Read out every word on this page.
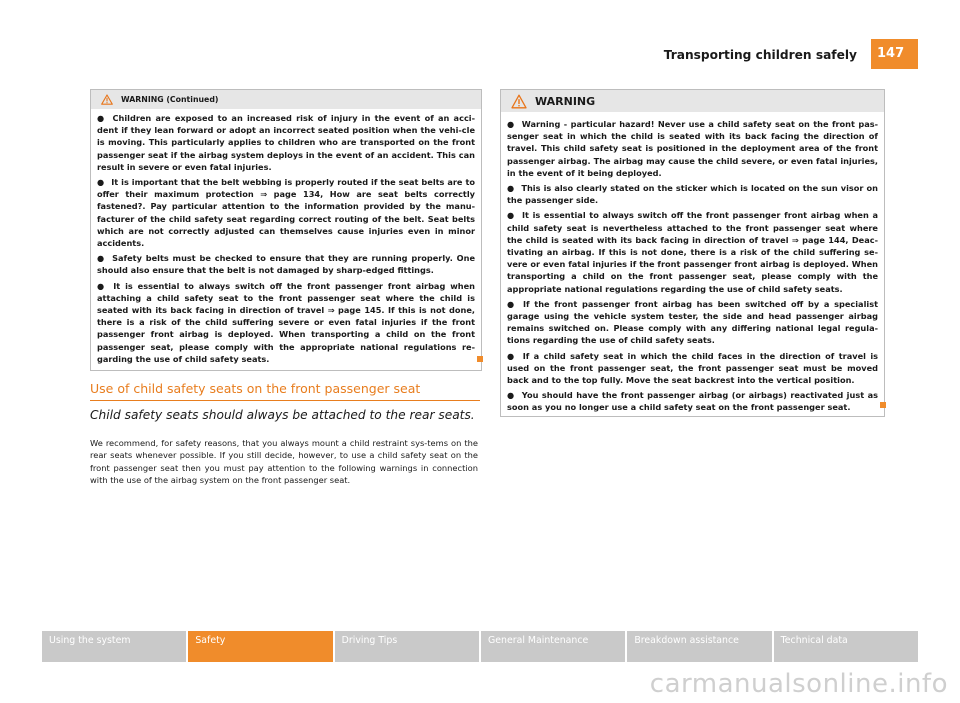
Transporting children safely	147
WARNING (Continued)

● Children are exposed to an increased risk of injury in the event of an acci-dent if they lean forward or adopt an incorrect seated position when the vehi-cle is moving. This particularly applies to children who are transported on the front passenger seat if the airbag system deploys in the event of an accident. This can result in severe or even fatal injuries.

● It is important that the belt webbing is properly routed if the seat belts are to offer their maximum protection ⇒ page 134, How are seat belts correctly fastened?. Pay particular attention to the information provided by the manu-facturer of the child safety seat regarding correct routing of the belt. Seat belts which are not correctly adjusted can themselves cause injuries even in minor accidents.

● Safety belts must be checked to ensure that they are running properly. One should also ensure that the belt is not damaged by sharp-edged fittings.

● It is essential to always switch off the front passenger front airbag when attaching a child safety seat to the front passenger seat where the child is seated with its back facing in direction of travel ⇒ page 145. If this is not done, there is a risk of the child suffering severe or even fatal injuries if the front passenger front airbag is deployed. When transporting a child on the front passenger seat, please comply with the appropriate national regulations re-garding the use of child safety seats.

Use of child safety seats on the front passenger seat
Child safety seats should always be attached to the rear seats.

We recommend, for safety reasons, that you always mount a child restraint sys-tems on the rear seats whenever possible. If you still decide, however, to use a child safety seat on the front passenger seat then you must pay attention to the following warnings in connection with the use of the airbag system on the front passenger seat.

WARNING

● Warning - particular hazard! Never use a child safety seat on the front pas-senger seat in which the child is seated with its back facing the direction of travel. This child safety seat is positioned in the deployment area of the front passenger airbag. The airbag may cause the child severe, or even fatal injuries, in the event of it being deployed.

● This is also clearly stated on the sticker which is located on the sun visor on the passenger side.

● It is essential to always switch off the front passenger front airbag when a child safety seat is nevertheless attached to the front passenger seat where the child is seated with its back facing in direction of travel ⇒ page 144, Deac-tivating an airbag. If this is not done, there is a risk of the child suffering se-vere or even fatal injuries if the front passenger front airbag is deployed. When transporting a child on the front passenger seat, please comply with the appropriate national regulations regarding the use of child safety seats.

● If the front passenger front airbag has been switched off by a specialist garage using the vehicle system tester, the side and head passenger airbag remains switched on. Please comply with any differing national legal regula-tions regarding the use of child safety seats.

● If a child safety seat in which the child faces in the direction of travel is used on the front passenger seat, the front passenger seat must be moved back and to the top fully. Move the seat backrest into the vertical position.

● You should have the front passenger airbag (or airbags) reactivated just as soon as you no longer use a child safety seat on the front passenger seat.

Using the system	Safety	Driving Tips	General Maintenance	Breakdown assistance	Technical data
carmanualsonline.info
